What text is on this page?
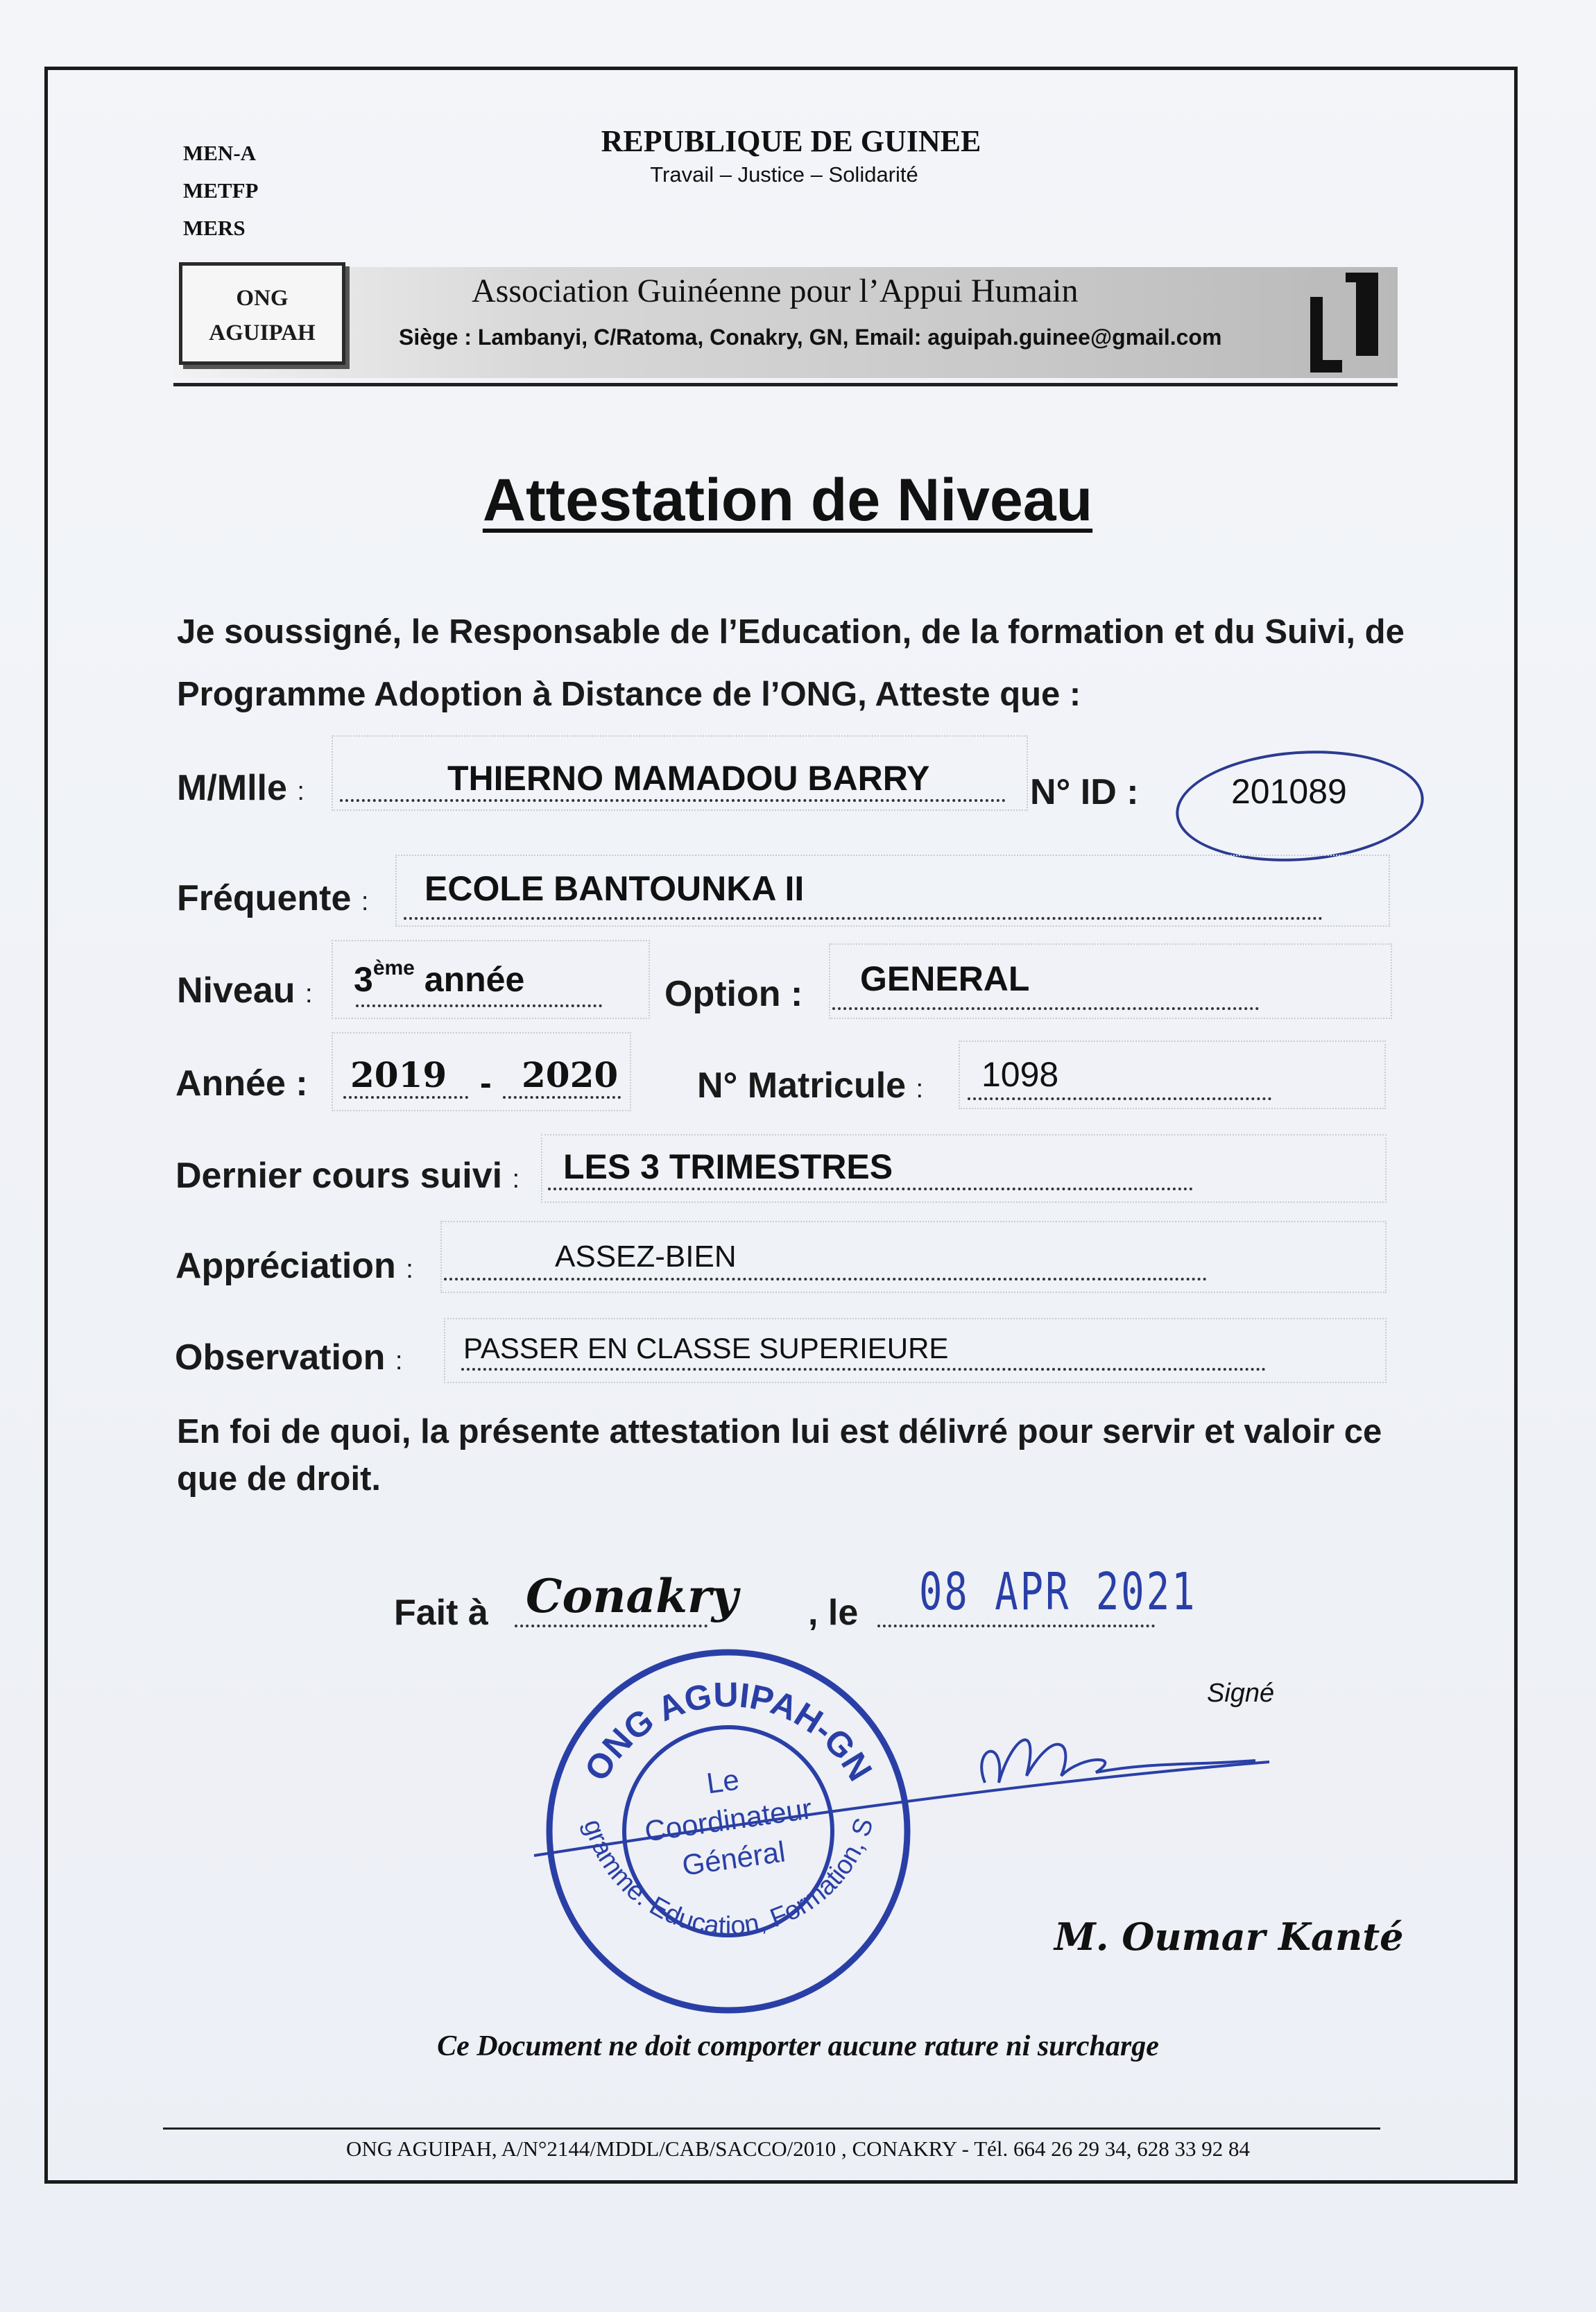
MEN-A
METFP
MERS
REPUBLIQUE DE GUINEE
Travail – Justice – Solidarité
ONG
AGUIPAH
Association Guinéenne pour l’Appui Humain
Siège : Lambanyi, C/Ratoma, Conakry, GN, Email: aguipah.guinee@gmail.com
Attestation de Niveau
Je soussigné, le Responsable de l’Education, de la formation et du Suivi, de Programme Adoption à Distance de l’ONG, Atteste que :
M/Mlle :	THIERNO MAMADOU BARRY	N° ID :	201089
Fréquente : ECOLE BANTOUNKA II
Niveau : 3ème année	Option : GENERAL
Année : 2019 - 2020 N° Matricule : 1098
Dernier cours suivi : LES 3 TRIMESTRES
Appréciation :	ASSEZ-BIEN
Observation : PASSER EN CLASSE SUPERIEURE
En foi de quoi, la présente attestation lui est délivré pour servir et valoir ce que de droit.
Fait à Conakry , le 08 APR 2021
Signé
ONG AGUIPAH-GN
gramme. Education, Formation, S
Le
Coordinateur
Général
M. Oumar Kanté
Ce Document ne doit comporter aucune rature ni surcharge
ONG AGUIPAH, A/N°2144/MDDL/CAB/SACCO/2010 , CONAKRY - Tél. 664 26 29 34, 628 33 92 84
